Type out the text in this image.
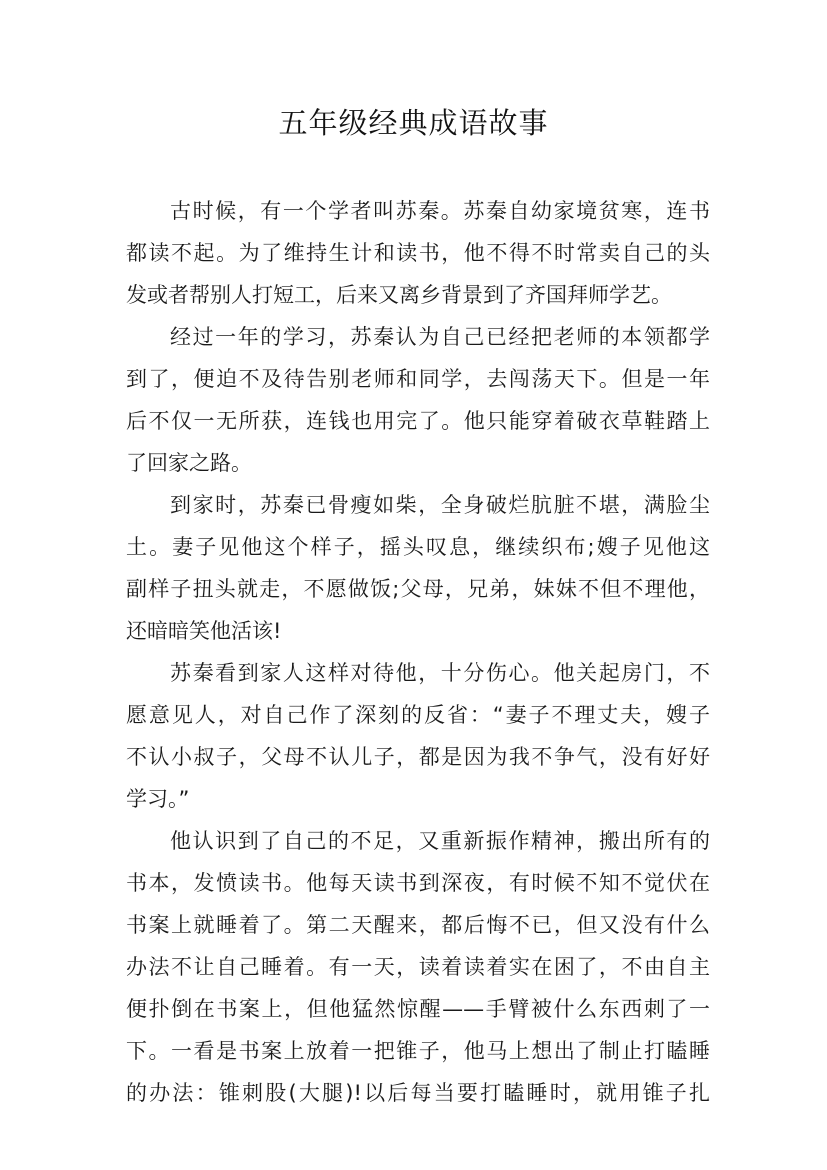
五年级经典成语故事
古时候，有一个学者叫苏秦。苏秦自幼家境贫寒，连书
都读不起。为了维持生计和读书，他不得不时常卖自己的头
发或者帮别人打短工，后来又离乡背景到了齐国拜师学艺。
经过一年的学习，苏秦认为自己已经把老师的本领都学
到了，便迫不及待告别老师和同学，去闯荡天下。但是一年
后不仅一无所获，连钱也用完了。他只能穿着破衣草鞋踏上
了回家之路。
到家时，苏秦已骨瘦如柴，全身破烂肮脏不堪，满脸尘
土。妻子见他这个样子，摇头叹息，继续织布;嫂子见他这
副样子扭头就走，不愿做饭;父母，兄弟，妹妹不但不理他，
还暗暗笑他活该!
苏秦看到家人这样对待他，十分伤心。他关起房门，不
愿意见人，对自己作了深刻的反省：“妻子不理丈夫，嫂子
不认小叔子，父母不认儿子，都是因为我不争气，没有好好
学习。”
他认识到了自己的不足，又重新振作精神，搬出所有的
书本，发愤读书。他每天读书到深夜，有时候不知不觉伏在
书案上就睡着了。第二天醒来，都后悔不已，但又没有什么
办法不让自己睡着。有一天，读着读着实在困了，不由自主
便扑倒在书案上，但他猛然惊醒——手臂被什么东西刺了一
下。一看是书案上放着一把锥子，他马上想出了制止打瞌睡
的办法：锥刺股(大腿)!以后每当要打瞌睡时，就用锥子扎
